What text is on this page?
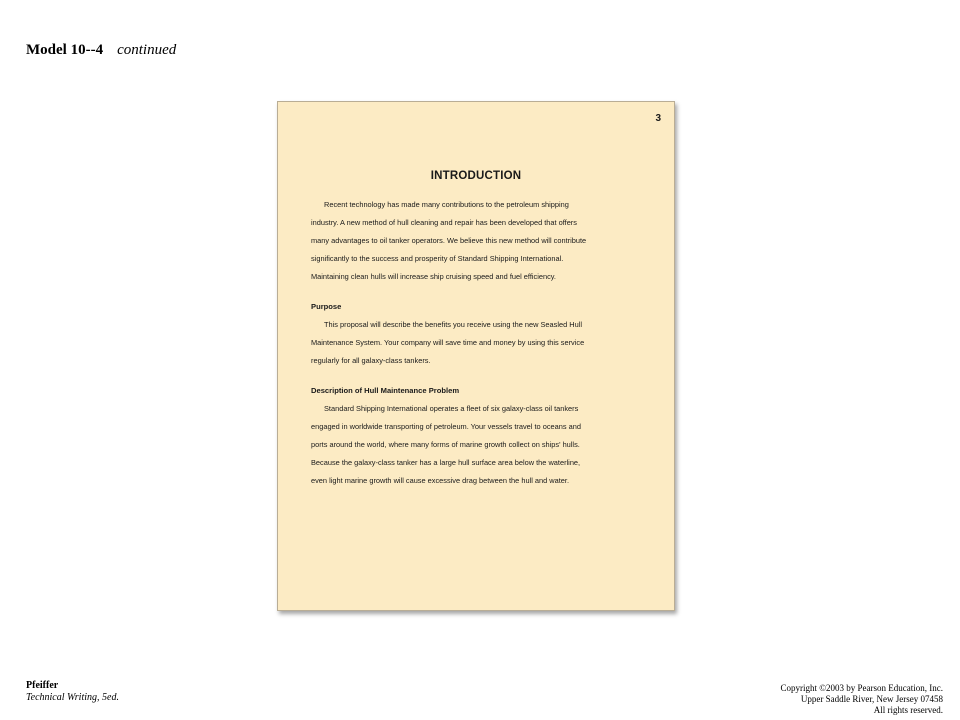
Model 10--4 continued
3
INTRODUCTION
Recent technology has made many contributions to the petroleum shipping
industry. A new method of hull cleaning and repair has been developed that offers
many advantages to oil tanker operators. We believe this new method will contribute
significantly to the success and prosperity of Standard Shipping International.
Maintaining clean hulls will increase ship cruising speed and fuel efficiency.
Purpose
This proposal will describe the benefits you receive using the new Seasled Hull
Maintenance System. Your company will save time and money by using this service
regularly for all galaxy-class tankers.
Description of Hull Maintenance Problem
Standard Shipping International operates a fleet of six galaxy-class oil tankers
engaged in worldwide transporting of petroleum. Your vessels travel to oceans and
ports around the world, where many forms of marine growth collect on ships' hulls.
Because the galaxy-class tanker has a large hull surface area below the waterline,
even light marine growth will cause excessive drag between the hull and water.
Pfeiffer
Technical Writing, 5ed.
Copyright ©2003 by Pearson Education, Inc.
Upper Saddle River, New Jersey 07458
All rights reserved.
